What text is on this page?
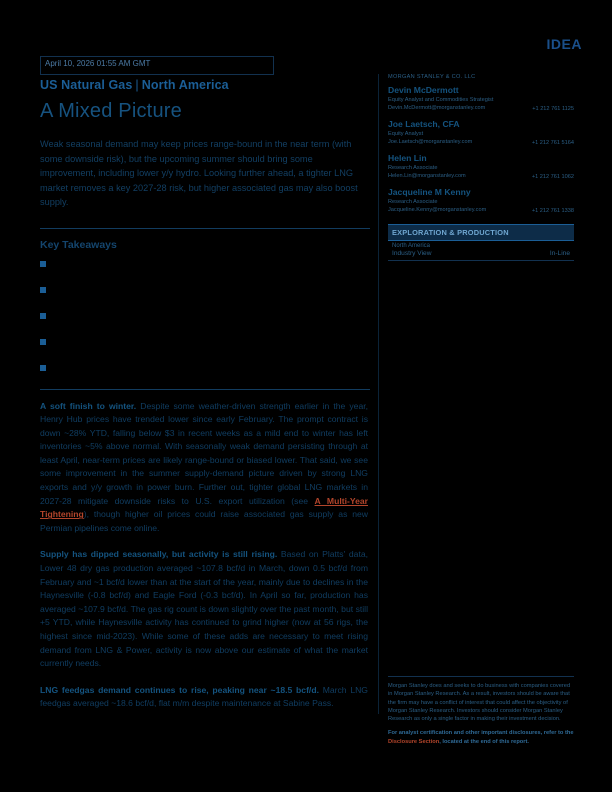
IDEA
April 10, 2026 01:55 AM GMT
US Natural Gas | North America
A Mixed Picture

Weak seasonal demand may keep prices range-bound in the near term (with some downside risk), but the upcoming summer should bring some improvement, including lower y/y hydro. Looking further ahead, a tighter LNG market removes a key 2027-28 risk, but higher associated gas may also boost supply.

Key Takeaways

A soft finish to winter. Despite some weather-driven strength earlier in the year, Henry Hub prices have trended lower since early February. The prompt contract is down ~28% YTD, falling below $3 in recent weeks as a mild end to winter has left inventories ~5% above normal. With seasonally weak demand persisting through at least April, near-term prices are likely range-bound or biased lower. That said, we see some improvement in the summer supply-demand picture driven by strong LNG exports and y/y growth in power burn. Further out, tighter global LNG markets in 2027-28 mitigate downside risks to U.S. export utilization (see A Multi-Year Tightening), though higher oil prices could raise associated gas supply as new Permian pipelines come online.

Supply has dipped seasonally, but activity is still rising. Based on Platts' data, Lower 48 dry gas production averaged ~107.8 bcf/d in March, down 0.5 bcf/d from February and ~1 bcf/d lower than at the start of the year, mainly due to declines in the Haynesville (-0.8 bcf/d) and Eagle Ford (-0.3 bcf/d). In April so far, production has averaged ~107.9 bcf/d. The gas rig count is down slightly over the past month, but still +5 YTD, while Haynesville activity has continued to grind higher (now at 56 rigs, the highest since mid-2023). While some of these adds are necessary to meet rising demand from LNG & Power, activity is now above our estimate of what the market currently needs.

LNG feedgas demand continues to rise, peaking near ~18.5 bcf/d. March LNG feedgas averaged ~18.6 bcf/d, flat m/m despite maintenance at Sabine Pass.

MORGAN STANLEY & CO. LLC
Devin McDermott
Equity Analyst and Commodities Strategist
Devin.McDermott@morganstanley.com	+1 212 761 1125
Joe Laetsch, CFA
Equity Analyst
Joe.Laetsch@morganstanley.com	+1 212 761 5164
Helen Lin
Research Associate
Helen.Lin@morganstanley.com	+1 212 761 1062
Jacqueline M Kenny
Research Associate
Jacqueline.Kenny@morganstanley.com	+1 212 761 1338
EXPLORATION & PRODUCTION
North America
Industry View	In-Line

Morgan Stanley does and seeks to do business with companies covered in Morgan Stanley Research. As a result, investors should be aware that the firm may have a conflict of interest that could affect the objectivity of Morgan Stanley Research. Investors should consider Morgan Stanley Research as only a single factor in making their investment decision.

For analyst certification and other important disclosures, refer to the Disclosure Section, located at the end of this report.
